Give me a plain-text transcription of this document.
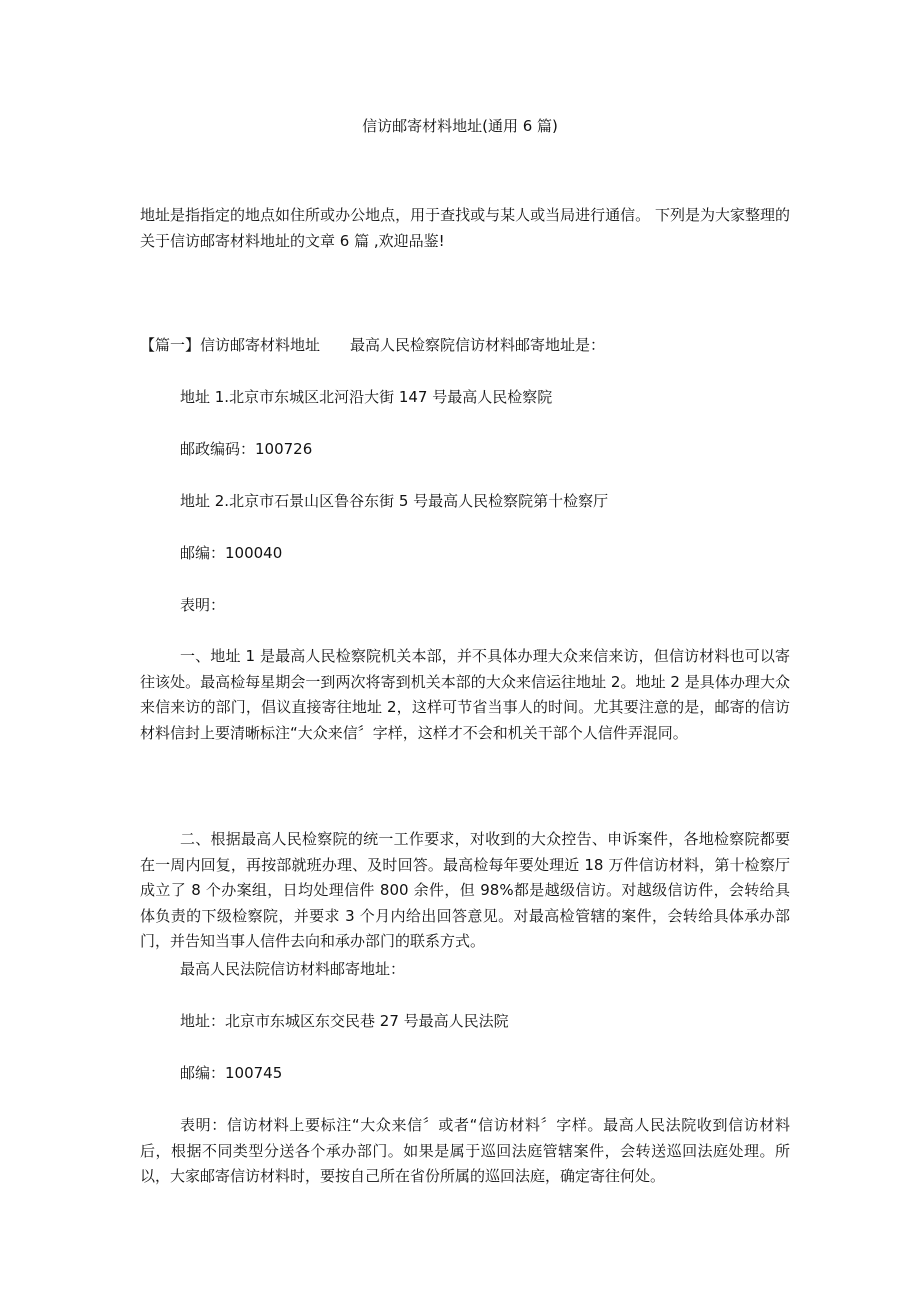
信访邮寄材料地址(通用 6 篇)

地址是指指定的地点如住所或办公地点，用于查找或与某人或当局进行通信。 下列是为大家整理的关于信访邮寄材料地址的文章 6 篇 ,欢迎品鉴!

【篇一】信访邮寄材料地址 最高人民检察院信访材料邮寄地址是：
地址 1.北京市东城区北河沿大街 147 号最高人民检察院
邮政编码：100726
地址 2.北京市石景山区鲁谷东街 5 号最高人民检察院第十检察厅
邮编：100040
表明：

一、地址 1 是最高人民检察院机关本部，并不具体办理大众来信来访，但信访材料也可以寄往该处。最高检每星期会一到两次将寄到机关本部的大众来信运往地址 2。地址 2 是具体办理大众来信来访的部门，倡议直接寄往地址 2，这样可节省当事人的时间。尤其要注意的是，邮寄的信访材料信封上要清晰标注“大众来信〞字样，这样才不会和机关干部个人信件弄混同。

二、根据最高人民检察院的统一工作要求，对收到的大众控告、申诉案件，各地检察院都要在一周内回复，再按部就班办理、及时回答。最高检每年要处理近 18 万件信访材料，第十检察厅成立了 8 个办案组，日均处理信件 800 余件，但 98%都是越级信访。对越级信访件，会转给具体负责的下级检察院，并要求 3 个月内给出回答意见。对最高检管辖的案件，会转给具体承办部门，并告知当事人信件去向和承办部门的联系方式。

最高人民法院信访材料邮寄地址：
地址：北京市东城区东交民巷 27 号最高人民法院
邮编：100745

表明：信访材料上要标注“大众来信〞或者“信访材料〞字样。最高人民法院收到信访材料后，根据不同类型分送各个承办部门。如果是属于巡回法庭管辖案件，会转送巡回法庭处理。所以，大家邮寄信访材料时，要按自己所在省份所属的巡回法庭，确定寄往何处。
